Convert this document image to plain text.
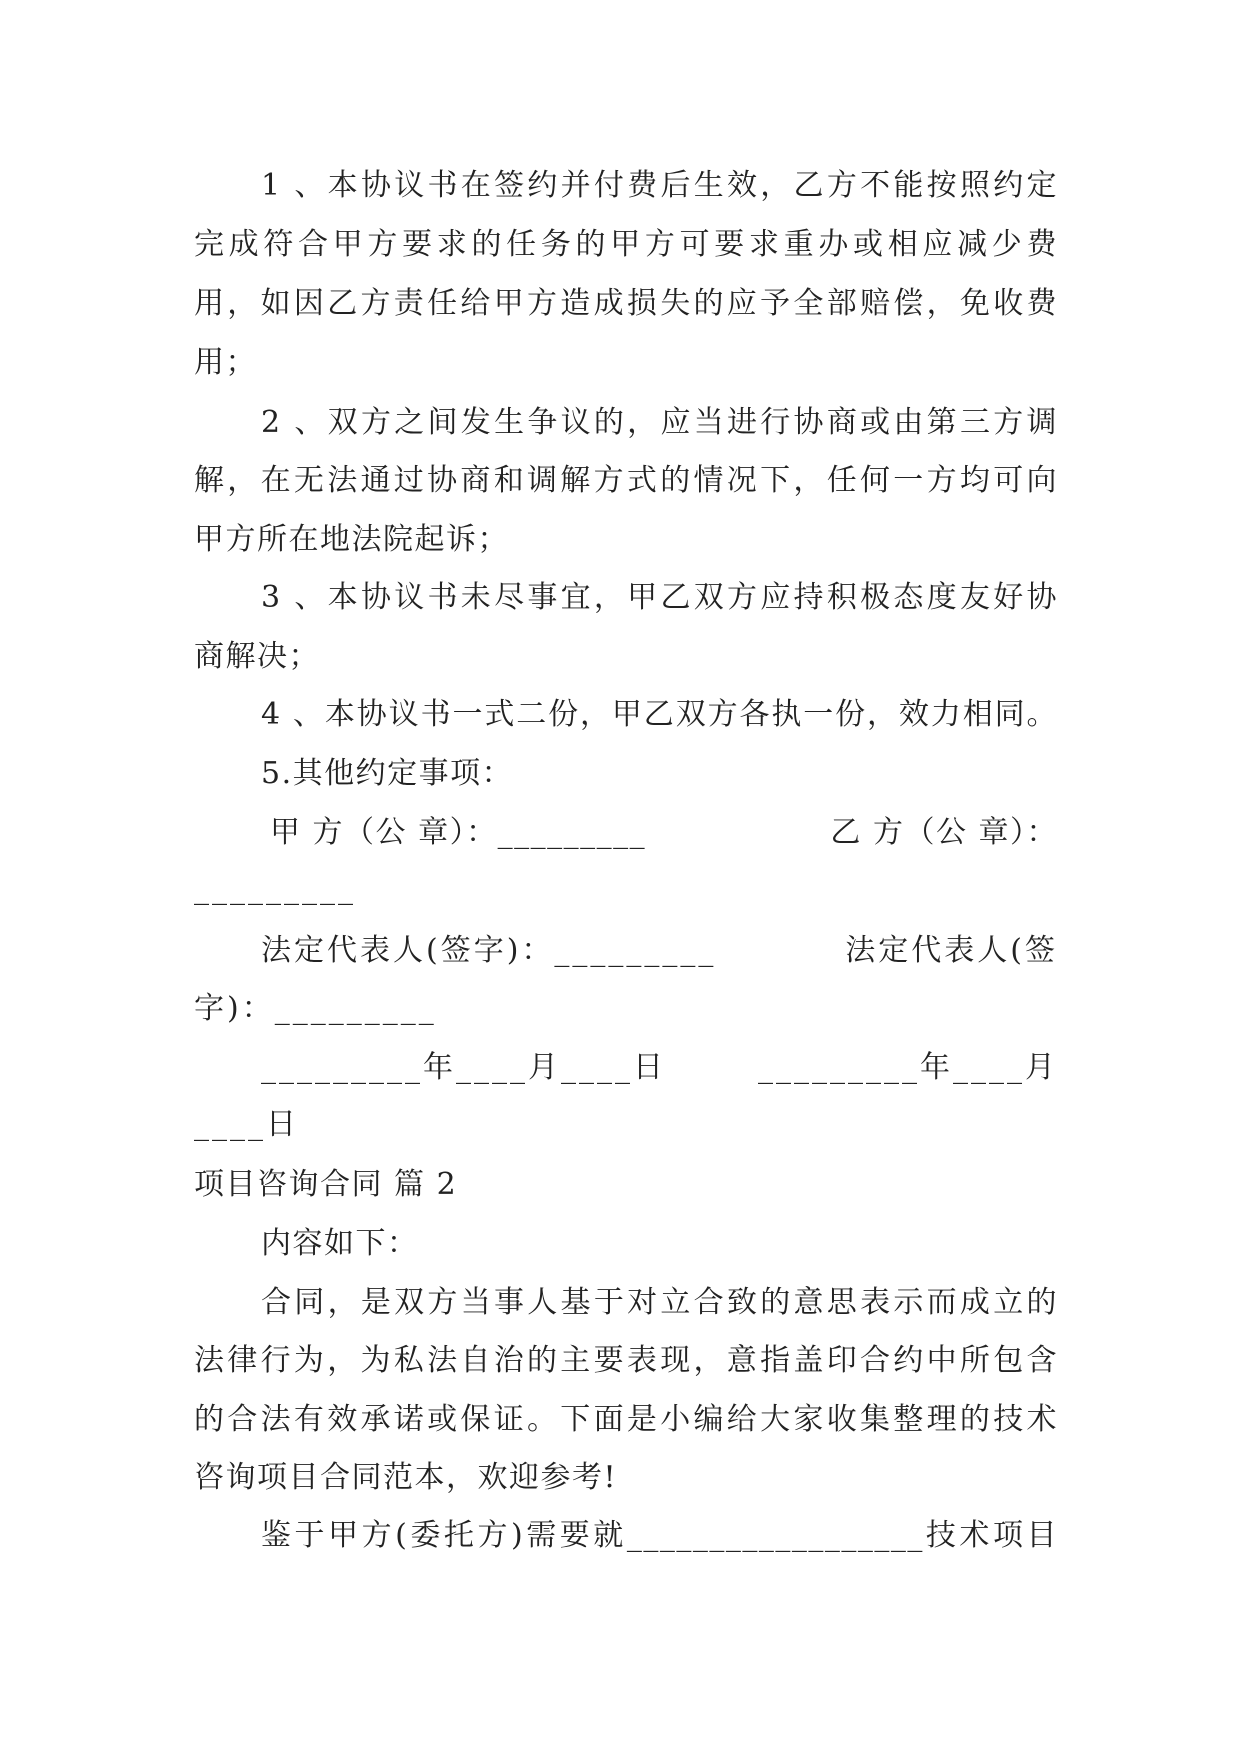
1 、本协议书在签约并付费后生效，乙方不能按照约定
完成符合甲方要求的任务的甲方可要求重办或相应减少费
用，如因乙方责任给甲方造成损失的应予全部赔偿，免收费
用；
2 、双方之间发生争议的，应当进行协商或由第三方调
解，在无法通过协商和调解方式的情况下，任何一方均可向
甲方所在地法院起诉；
3 、本协议书未尽事宜，甲乙双方应持积极态度友好协
商解决；
4 、本协议书一式二份，甲乙双方各执一份，效力相同。
5.其他约定事项：
甲 方（公 章）：_________	乙 方（公 章）：
_________
法定代表人(签字)：_________	法定代表人(签
字)：_________
_________年____月____日	_________年____月
____日
项目咨询合同 篇 2
内容如下：
合同，是双方当事人基于对立合致的意思表示而成立的
法律行为，为私法自治的主要表现，意指盖印合约中所包含
的合法有效承诺或保证。下面是小编给大家收集整理的技术
咨询项目合同范本，欢迎参考!
鉴于甲方(委托方)需要就__________________技术项目
